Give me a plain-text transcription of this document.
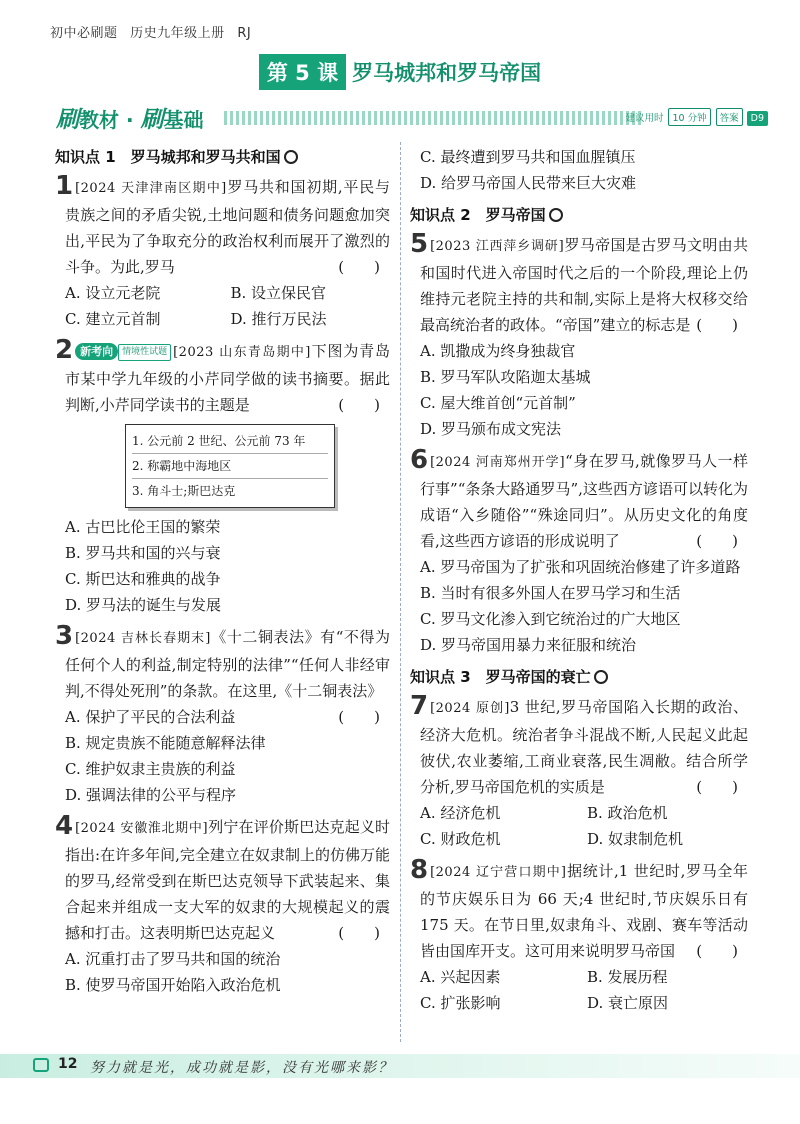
初中必刷题 历史九年级上册 RJ
第 5 课 罗马城邦和罗马帝国
刷教材 · 刷基础	建议用时 10 分钟 答案 D9
知识点 1　罗马城邦和罗马共和国
1 [2024 天津津南区期中]罗马共和国初期,平民与贵族之间的矛盾尖锐,土地问题和债务问题愈加突出,平民为了争取充分的政治权利而展开了激烈的斗争。为此,罗马	(　　)
A. 设立元老院	B. 设立保民官
C. 建立元首制	D. 推行万民法
2 新考向 情境性试题 [2023 山东青岛期中]下图为青岛市某中学九年级的小芹同学做的读书摘要。据此判断,小芹同学读书的主题是	(　　)
1. 公元前 2 世纪、公元前 73 年
2. 称霸地中海地区
3. 角斗士;斯巴达克
A. 古巴比伦王国的繁荣
B. 罗马共和国的兴与衰
C. 斯巴达和雅典的战争
D. 罗马法的诞生与发展
3 [2024 吉林长春期末]《十二铜表法》有“不得为任何个人的利益,制定特别的法律”“任何人非经审判,不得处死刑”的条款。在这里,《十二铜表法》
(　　)
A. 保护了平民的合法利益
B. 规定贵族不能随意解释法律
C. 维护奴隶主贵族的利益
D. 强调法律的公平与程序
4 [2024 安徽淮北期中]列宁在评价斯巴达克起义时指出:在许多年间,完全建立在奴隶制上的仿佛万能的罗马,经常受到在斯巴达克领导下武装起来、集合起来并组成一支大军的奴隶的大规模起义的震撼和打击。这表明斯巴达克起义	(　　)
A. 沉重打击了罗马共和国的统治
B. 使罗马帝国开始陷入政治危机
C. 最终遭到罗马共和国血腥镇压
D. 给罗马帝国人民带来巨大灾难
知识点 2　罗马帝国
5 [2023 江西萍乡调研]罗马帝国是古罗马文明由共和国时代进入帝国时代之后的一个阶段,理论上仍维持元老院主持的共和制,实际上是将大权移交给最高统治者的政体。“帝国”建立的标志是 (　　)
A. 凯撒成为终身独裁官
B. 罗马军队攻陷迦太基城
C. 屋大维首创“元首制”
D. 罗马颁布成文宪法
6 [2024 河南郑州开学]“身在罗马,就像罗马人一样行事”“条条大路通罗马”,这些西方谚语可以转化为成语“入乡随俗”“殊途同归”。从历史文化的角度看,这些西方谚语的形成说明了	(　　)
A. 罗马帝国为了扩张和巩固统治修建了许多道路
B. 当时有很多外国人在罗马学习和生活
C. 罗马文化渗入到它统治过的广大地区
D. 罗马帝国用暴力来征服和统治
知识点 3　罗马帝国的衰亡
7 [2024 原创]3 世纪,罗马帝国陷入长期的政治、经济大危机。统治者争斗混战不断,人民起义此起彼伏,农业萎缩,工商业衰落,民生凋敝。结合所学分析,罗马帝国危机的实质是	(　　)
A. 经济危机	B. 政治危机
C. 财政危机	D. 奴隶制危机
8 [2024 辽宁营口期中]据统计,1 世纪时,罗马全年的节庆娱乐日为 66 天;4 世纪时,节庆娱乐日有 175 天。在节日里,奴隶角斗、戏剧、赛车等活动皆由国库开支。这可用来说明罗马帝国 (　　)
A. 兴起因素	B. 发展历程
C. 扩张影响	D. 衰亡原因
12 努力就是光，成功就是影，没有光哪来影？
